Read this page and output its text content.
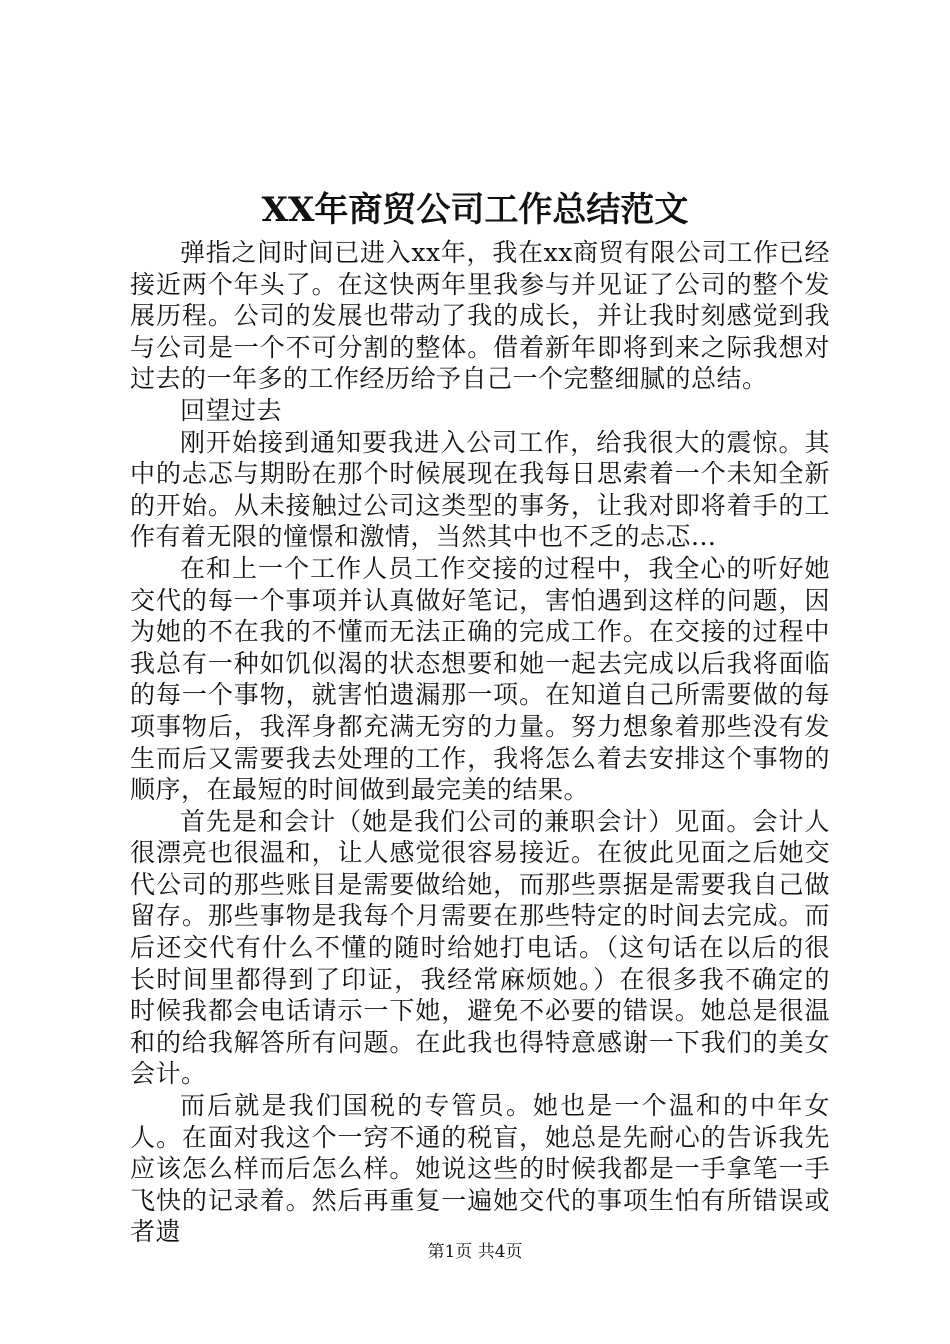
XX年商贸公司工作总结范文

弹指之间时间已进入xx年，我在xx商贸有限公司工作已经接近两个年头了。在这快两年里我参与并见证了公司的整个发展历程。公司的发展也带动了我的成长，并让我时刻感觉到我与公司是一个不可分割的整体。借着新年即将到来之际我想对过去的一年多的工作经历给予自己一个完整细腻的总结。

回望过去

刚开始接到通知要我进入公司工作，给我很大的震惊。其中的忐忑与期盼在那个时候展现在我每日思索着一个未知全新的开始。从未接触过公司这类型的事务，让我对即将着手的工作有着无限的憧憬和激情，当然其中也不乏的忐忑...

在和上一个工作人员工作交接的过程中，我全心的听好她交代的每一个事项并认真做好笔记，害怕遇到这样的问题，因为她的不在我的不懂而无法正确的完成工作。在交接的过程中我总有一种如饥似渴的状态想要和她一起去完成以后我将面临的每一个事物，就害怕遗漏那一项。在知道自己所需要做的每项事物后，我浑身都充满无穷的力量。努力想象着那些没有发生而后又需要我去处理的工作，我将怎么着去安排这个事物的顺序，在最短的时间做到最完美的结果。

首先是和会计（她是我们公司的兼职会计）见面。会计人很漂亮也很温和，让人感觉很容易接近。在彼此见面之后她交代公司的那些账目是需要做给她，而那些票据是需要我自己做留存。那些事物是我每个月需要在那些特定的时间去完成。而后还交代有什么不懂的随时给她打电话。（这句话在以后的很长时间里都得到了印证，我经常麻烦她。）在很多我不确定的时候我都会电话请示一下她，避免不必要的错误。她总是很温和的给我解答所有问题。在此我也得特意感谢一下我们的美女会计。

而后就是我们国税的专管员。她也是一个温和的中年女人。在面对我这个一窍不通的税盲，她总是先耐心的告诉我先应该怎么样而后怎么样。她说这些的时候我都是一手拿笔一手飞快的记录着。然后再重复一遍她交代的事项生怕有所错误或者遗

第1页 共4页
